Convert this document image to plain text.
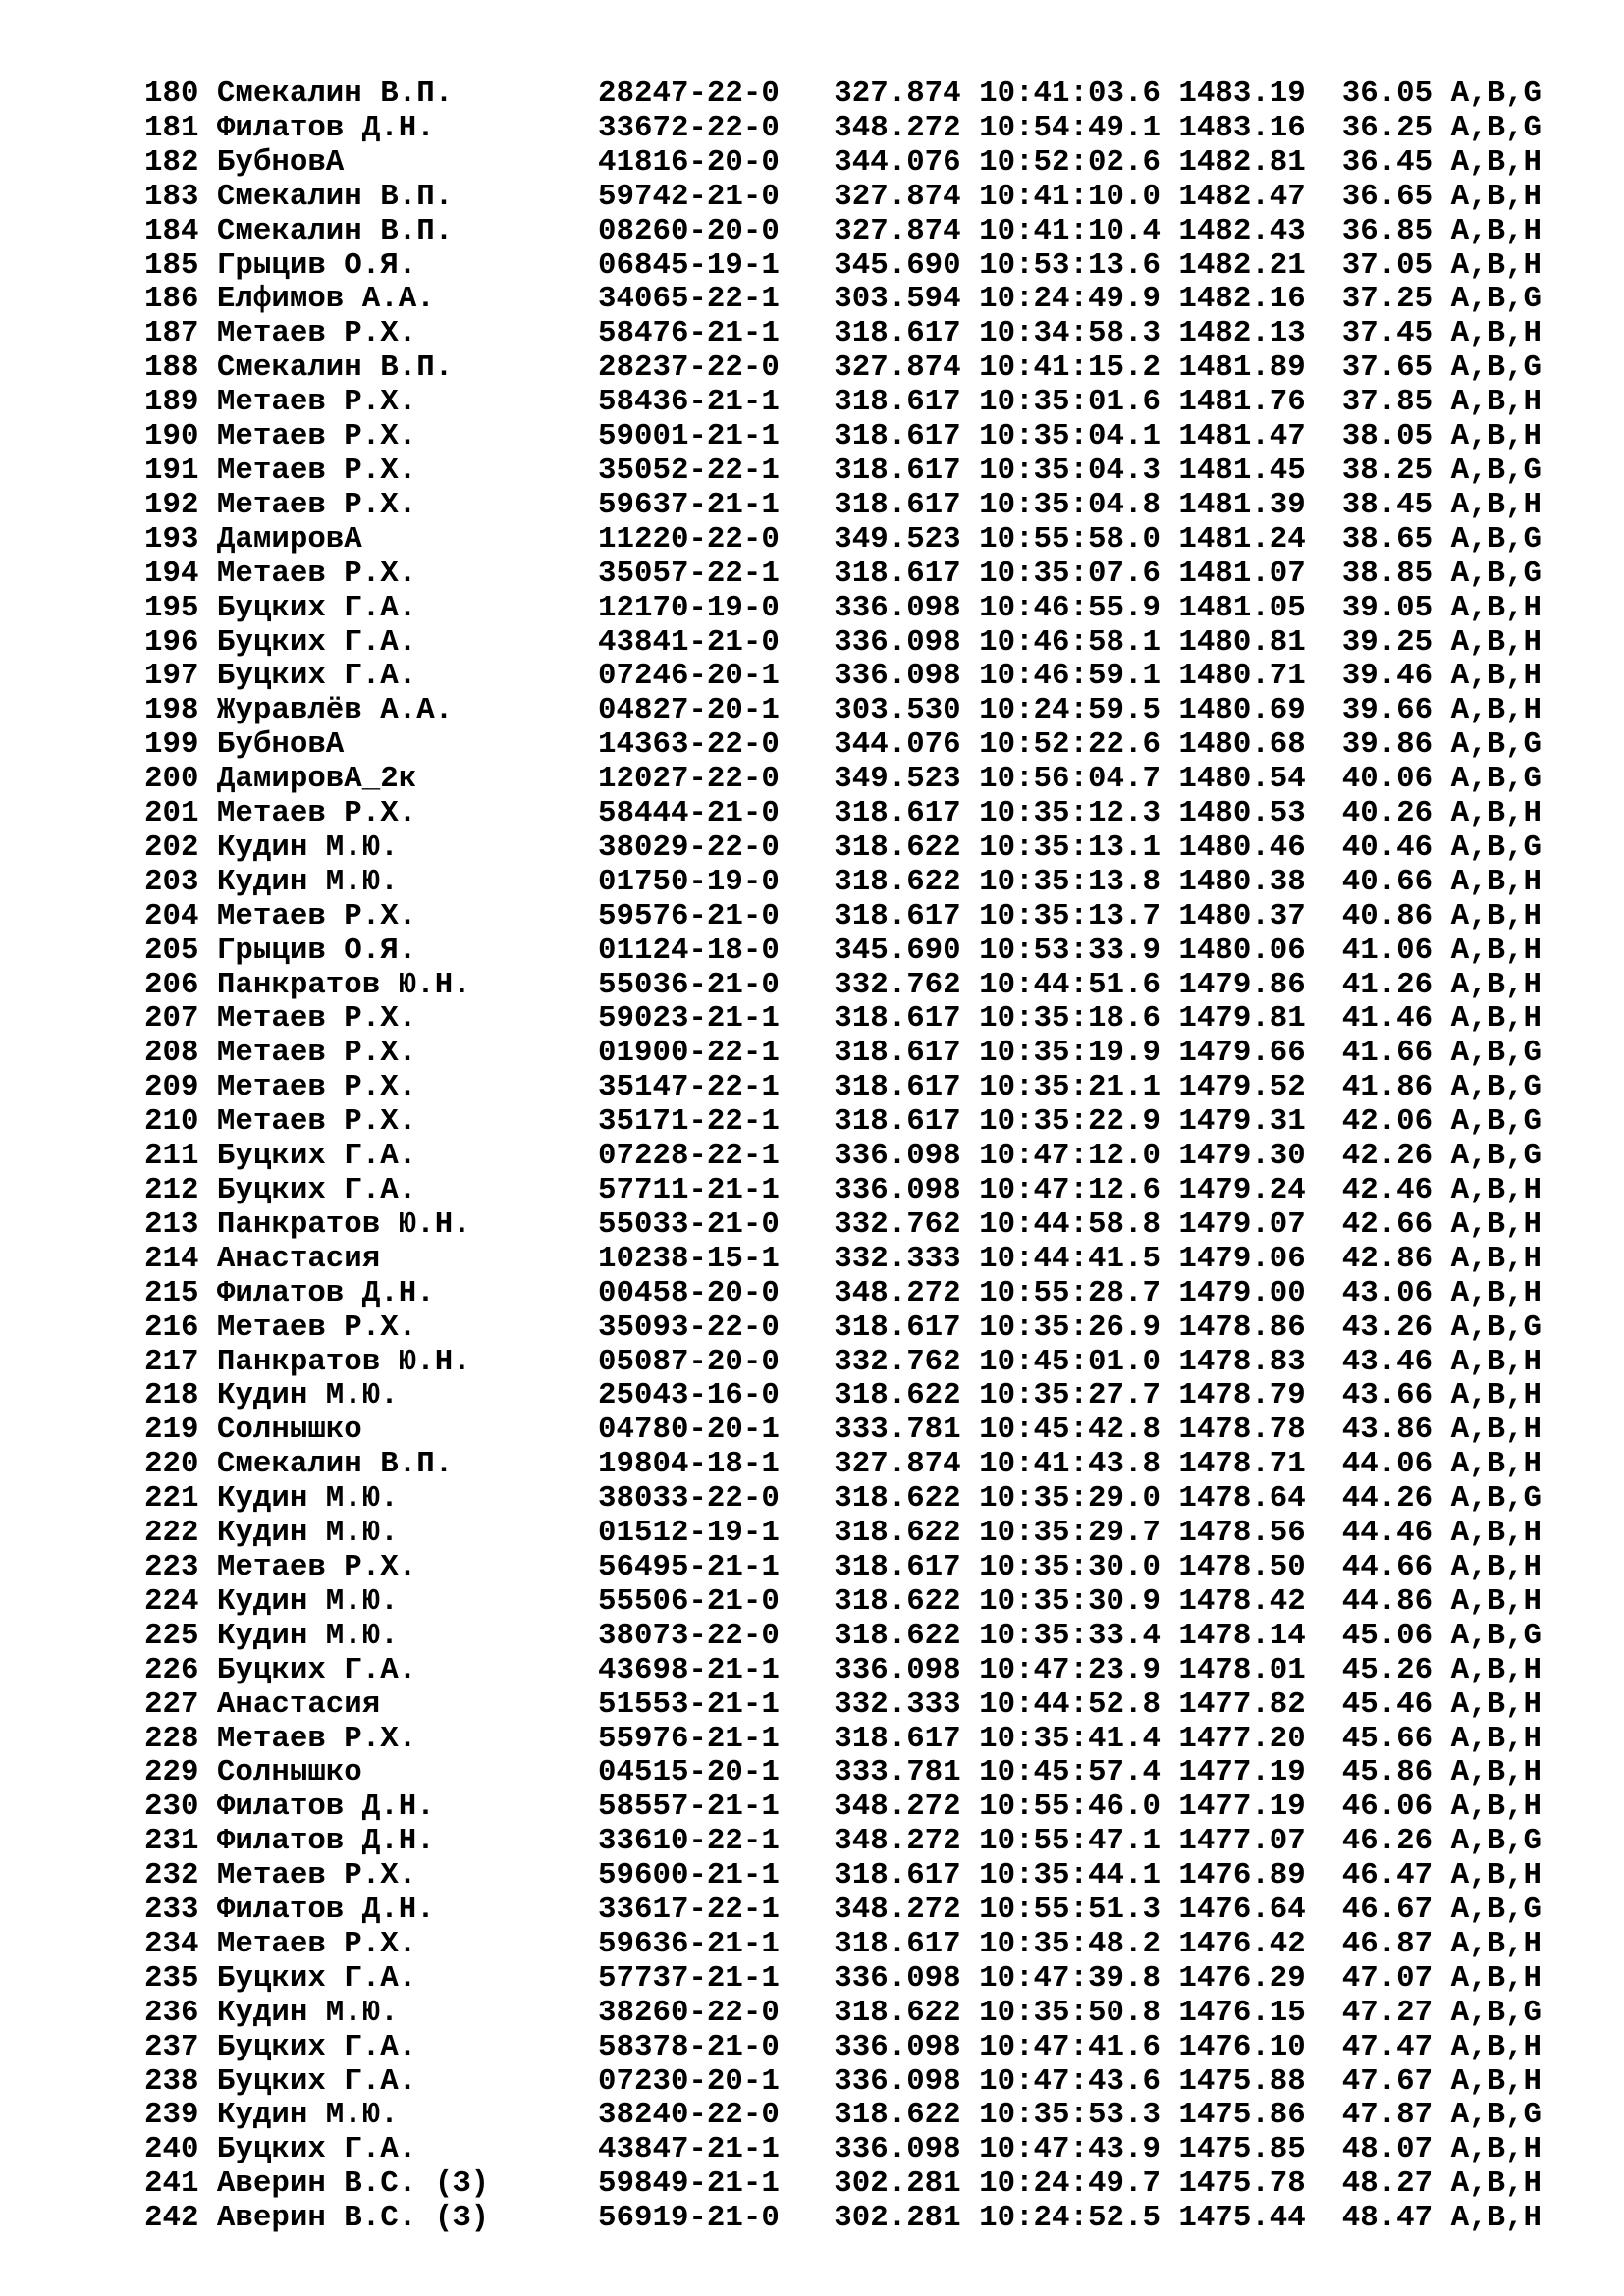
180 Смекалин В.П.	28247-22-0	327.874 10:41:03.6 1483.19	36.05 A,B,G
181 Филатов Д.Н.	33672-22-0	348.272 10:54:49.1 1483.16	36.25 A,B,G
182 БубновА	41816-20-0	344.076 10:52:02.6 1482.81	36.45 A,B,H
183 Смекалин В.П.	59742-21-0	327.874 10:41:10.0 1482.47	36.65 A,B,H
184 Смекалин В.П.	08260-20-0	327.874 10:41:10.4 1482.43	36.85 A,B,H
185 Грыцив О.Я.	06845-19-1	345.690 10:53:13.6 1482.21	37.05 A,B,H
186 Елфимов А.А.	34065-22-1	303.594 10:24:49.9 1482.16	37.25 A,B,G
187 Метаев Р.Х.	58476-21-1	318.617 10:34:58.3 1482.13	37.45 A,B,H
188 Смекалин В.П.	28237-22-0	327.874 10:41:15.2 1481.89	37.65 A,B,G
189 Метаев Р.Х.	58436-21-1	318.617 10:35:01.6 1481.76	37.85 A,B,H
190 Метаев Р.Х.	59001-21-1	318.617 10:35:04.1 1481.47	38.05 A,B,H
191 Метаев Р.Х.	35052-22-1	318.617 10:35:04.3 1481.45	38.25 A,B,G
192 Метаев Р.Х.	59637-21-1	318.617 10:35:04.8 1481.39	38.45 A,B,H
193 ДамировА	11220-22-0	349.523 10:55:58.0 1481.24	38.65 A,B,G
194 Метаев Р.Х.	35057-22-1	318.617 10:35:07.6 1481.07	38.85 A,B,G
195 Буцких Г.А.	12170-19-0	336.098 10:46:55.9 1481.05	39.05 A,B,H
196 Буцких Г.А.	43841-21-0	336.098 10:46:58.1 1480.81	39.25 A,B,H
197 Буцких Г.А.	07246-20-1	336.098 10:46:59.1 1480.71	39.46 A,B,H
198 Журавлёв А.А.	04827-20-1	303.530 10:24:59.5 1480.69	39.66 A,B,H
199 БубновА	14363-22-0	344.076 10:52:22.6 1480.68	39.86 A,B,G
200 ДамировА_2к	12027-22-0	349.523 10:56:04.7 1480.54	40.06 A,B,G
201 Метаев Р.Х.	58444-21-0	318.617 10:35:12.3 1480.53	40.26 A,B,H
202 Кудин М.Ю.	38029-22-0	318.622 10:35:13.1 1480.46	40.46 A,B,G
203 Кудин М.Ю.	01750-19-0	318.622 10:35:13.8 1480.38	40.66 A,B,H
204 Метаев Р.Х.	59576-21-0	318.617 10:35:13.7 1480.37	40.86 A,B,H
205 Грыцив О.Я.	01124-18-0	345.690 10:53:33.9 1480.06	41.06 A,B,H
206 Панкратов Ю.Н.	55036-21-0	332.762 10:44:51.6 1479.86	41.26 A,B,H
207 Метаев Р.Х.	59023-21-1	318.617 10:35:18.6 1479.81	41.46 A,B,H
208 Метаев Р.Х.	01900-22-1	318.617 10:35:19.9 1479.66	41.66 A,B,G
209 Метаев Р.Х.	35147-22-1	318.617 10:35:21.1 1479.52	41.86 A,B,G
210 Метаев Р.Х.	35171-22-1	318.617 10:35:22.9 1479.31	42.06 A,B,G
211 Буцких Г.А.	07228-22-1	336.098 10:47:12.0 1479.30	42.26 A,B,G
212 Буцких Г.А.	57711-21-1	336.098 10:47:12.6 1479.24	42.46 A,B,H
213 Панкратов Ю.Н.	55033-21-0	332.762 10:44:58.8 1479.07	42.66 A,B,H
214 Анастасия	10238-15-1	332.333 10:44:41.5 1479.06	42.86 A,B,H
215 Филатов Д.Н.	00458-20-0	348.272 10:55:28.7 1479.00	43.06 A,B,H
216 Метаев Р.Х.	35093-22-0	318.617 10:35:26.9 1478.86	43.26 A,B,G
217 Панкратов Ю.Н.	05087-20-0	332.762 10:45:01.0 1478.83	43.46 A,B,H
218 Кудин М.Ю.	25043-16-0	318.622 10:35:27.7 1478.79	43.66 A,B,H
219 Солнышко	04780-20-1	333.781 10:45:42.8 1478.78	43.86 A,B,H
220 Смекалин В.П.	19804-18-1	327.874 10:41:43.8 1478.71	44.06 A,B,H
221 Кудин М.Ю.	38033-22-0	318.622 10:35:29.0 1478.64	44.26 A,B,G
222 Кудин М.Ю.	01512-19-1	318.622 10:35:29.7 1478.56	44.46 A,B,H
223 Метаев Р.Х.	56495-21-1	318.617 10:35:30.0 1478.50	44.66 A,B,H
224 Кудин М.Ю.	55506-21-0	318.622 10:35:30.9 1478.42	44.86 A,B,H
225 Кудин М.Ю.	38073-22-0	318.622 10:35:33.4 1478.14	45.06 A,B,G
226 Буцких Г.А.	43698-21-1	336.098 10:47:23.9 1478.01	45.26 A,B,H
227 Анастасия	51553-21-1	332.333 10:44:52.8 1477.82	45.46 A,B,H
228 Метаев Р.Х.	55976-21-1	318.617 10:35:41.4 1477.20	45.66 A,B,H
229 Солнышко	04515-20-1	333.781 10:45:57.4 1477.19	45.86 A,B,H
230 Филатов Д.Н.	58557-21-1	348.272 10:55:46.0 1477.19	46.06 A,B,H
231 Филатов Д.Н.	33610-22-1	348.272 10:55:47.1 1477.07	46.26 A,B,G
232 Метаев Р.Х.	59600-21-1	318.617 10:35:44.1 1476.89	46.47 A,B,H
233 Филатов Д.Н.	33617-22-1	348.272 10:55:51.3 1476.64	46.67 A,B,G
234 Метаев Р.Х.	59636-21-1	318.617 10:35:48.2 1476.42	46.87 A,B,H
235 Буцких Г.А.	57737-21-1	336.098 10:47:39.8 1476.29	47.07 A,B,H
236 Кудин М.Ю.	38260-22-0	318.622 10:35:50.8 1476.15	47.27 A,B,G
237 Буцких Г.А.	58378-21-0	336.098 10:47:41.6 1476.10	47.47 A,B,H
238 Буцких Г.А.	07230-20-1	336.098 10:47:43.6 1475.88	47.67 A,B,H
239 Кудин М.Ю.	38240-22-0	318.622 10:35:53.3 1475.86	47.87 A,B,G
240 Буцких Г.А.	43847-21-1	336.098 10:47:43.9 1475.85	48.07 A,B,H
241 Аверин В.С. (З)	59849-21-1	302.281 10:24:49.7 1475.78	48.27 A,B,H
242 Аверин В.С. (З)	56919-21-0	302.281 10:24:52.5 1475.44	48.47 A,B,H
